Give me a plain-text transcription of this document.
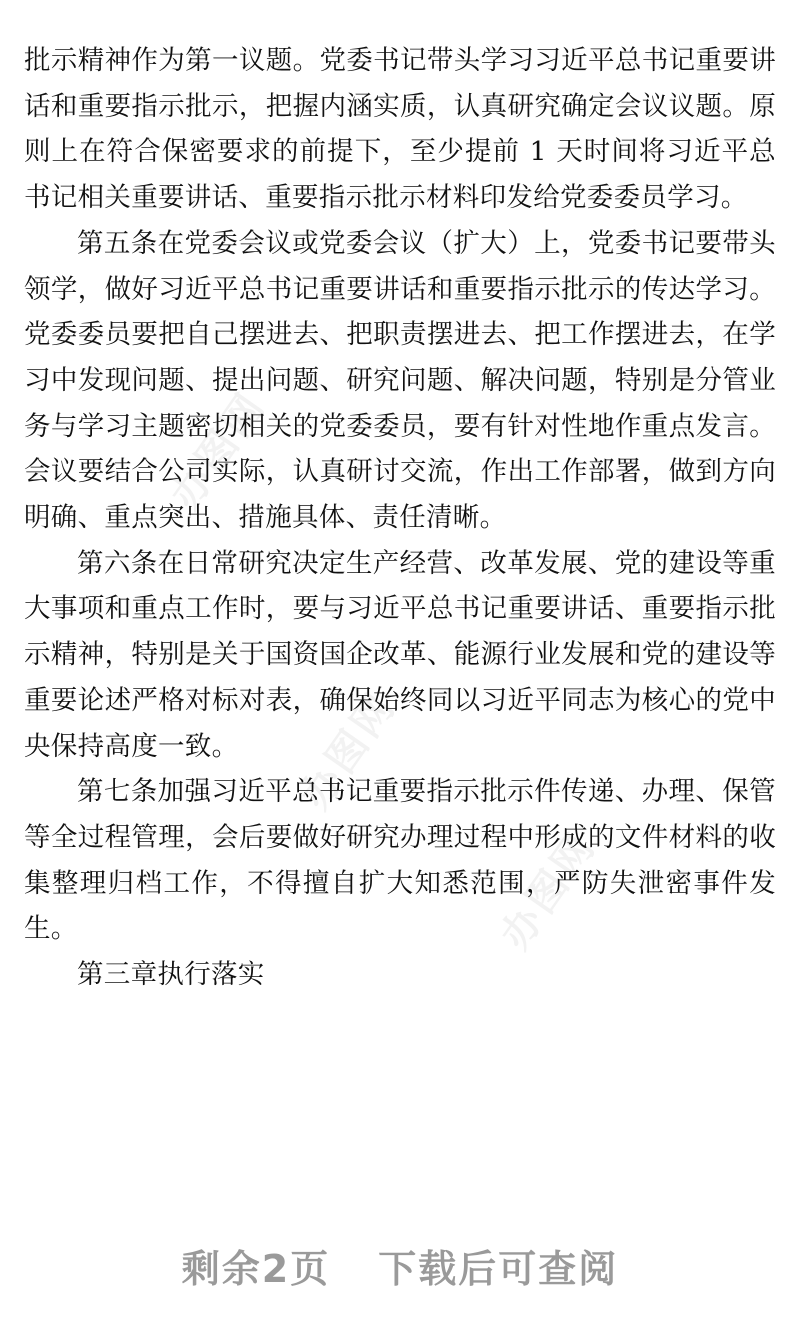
办图网
办图网
办图网

批示精神作为第一议题。党委书记带头学习习近平总书记重要讲话和重要指示批示，把握内涵实质，认真研究确定会议议题。原则上在符合保密要求的前提下，至少提前 1 天时间将习近平总书记相关重要讲话、重要指示批示材料印发给党委委员学习。

第五条在党委会议或党委会议（扩大）上，党委书记要带头领学，做好习近平总书记重要讲话和重要指示批示的传达学习。党委委员要把自己摆进去、把职责摆进去、把工作摆进去，在学习中发现问题、提出问题、研究问题、解决问题，特别是分管业务与学习主题密切相关的党委委员，要有针对性地作重点发言。会议要结合公司实际，认真研讨交流，作出工作部署，做到方向明确、重点突出、措施具体、责任清晰。

第六条在日常研究决定生产经营、改革发展、党的建设等重大事项和重点工作时，要与习近平总书记重要讲话、重要指示批示精神，特别是关于国资国企改革、能源行业发展和党的建设等重要论述严格对标对表，确保始终同以习近平同志为核心的党中央保持高度一致。

第七条加强习近平总书记重要指示批示件传递、办理、保管等全过程管理，会后要做好研究办理过程中形成的文件材料的收集整理归档工作，不得擅自扩大知悉范围，严防失泄密事件发生。

第三章执行落实

剩余2页 下载后可查阅
